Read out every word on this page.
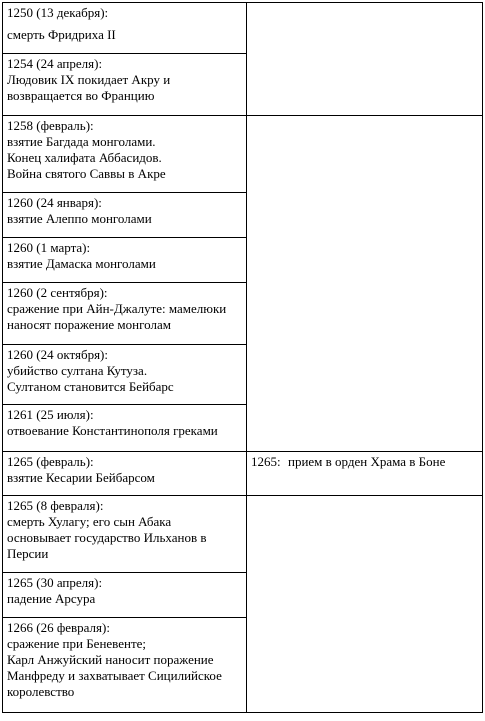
1250 (13 декабря):
смерть Фридриха II
1254 (24 апреля):
Людовик IX покидает Акру и
возвращается во Францию
1258 (февраль):
взятие Багдада монголами.
Конец халифата Аббасидов.
Война святого Саввы в Акре
1260 (24 января):
взятие Алеппо монголами
1260 (1 марта):
взятие Дамаска монголами
1260 (2 сентября):
сражение при Айн-Джалуте: мамелюки
наносят поражение монголам
1260 (24 октября):
убийство султана Кутуза.
Султаном становится Бейбарс
1261 (25 июля):
отвоевание Константинополя греками
1265 (февраль):
взятие Кесарии Бейбарсом
1265: прием в орден Храма в Боне
1265 (8 февраля):
смерть Хулагу; его сын Абака
основывает государство Ильханов в
Персии
1265 (30 апреля):
падение Арсура
1266 (26 февраля):
сражение при Беневенте;
Карл Анжуйский наносит поражение
Манфреду и захватывает Сицилийское
королевство
